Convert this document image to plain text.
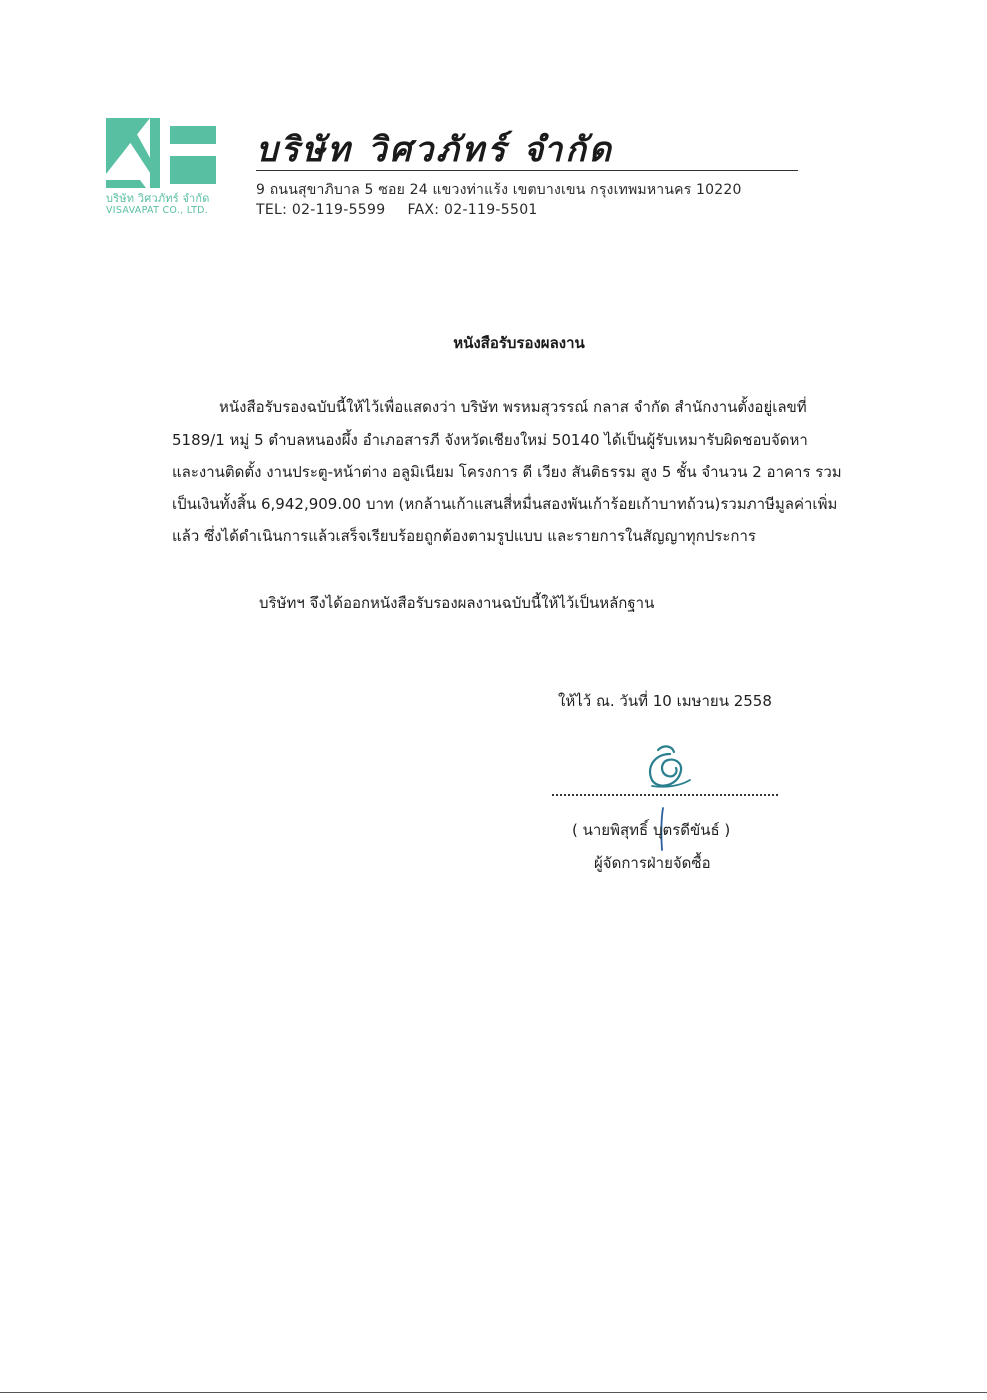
บริษัท วิศวภัทร์ จำกัด
VISAVAPAT CO., LTD.
บริษัท วิศวภัทร์ จำกัด
9 ถนนสุขาภิบาล 5 ซอย 24 แขวงท่าแร้ง เขตบางเขน กรุงเทพมหานคร 10220
TEL: 02-119-5599 FAX: 02-119-5501
หนังสือรับรองผลงาน
หนังสือรับรองฉบับนี้ให้ไว้เพื่อแสดงว่า บริษัท พรหมสุวรรณ์ กลาส จำกัด สำนักงานตั้งอยู่เลขที่
5189/1 หมู่ 5 ตำบลหนองผึ้ง อำเภอสารภี จังหวัดเชียงใหม่ 50140 ได้เป็นผู้รับเหมารับผิดชอบจัดหา
และงานติดตั้ง งานประตู-หน้าต่าง อลูมิเนียม โครงการ ดี เวียง สันติธรรม สูง 5 ชั้น จำนวน 2 อาคาร รวม
เป็นเงินทั้งสิ้น 6,942,909.00 บาท (หกล้านเก้าแสนสี่หมื่นสองพันเก้าร้อยเก้าบาทถ้วน)รวมภาษีมูลค่าเพิ่ม
แล้ว ซึ่งได้ดำเนินการแล้วเสร็จเรียบร้อยถูกต้องตามรูปแบบ และรายการในสัญญาทุกประการ
บริษัทฯ จึงได้ออกหนังสือรับรองผลงานฉบับนี้ให้ไว้เป็นหลักฐาน
ให้ไว้ ณ. วันที่ 10 เมษายน 2558
( นายพิสุทธิ์ บุตรดีขันธ์ )
ผู้จัดการฝ่ายจัดซื้อ
